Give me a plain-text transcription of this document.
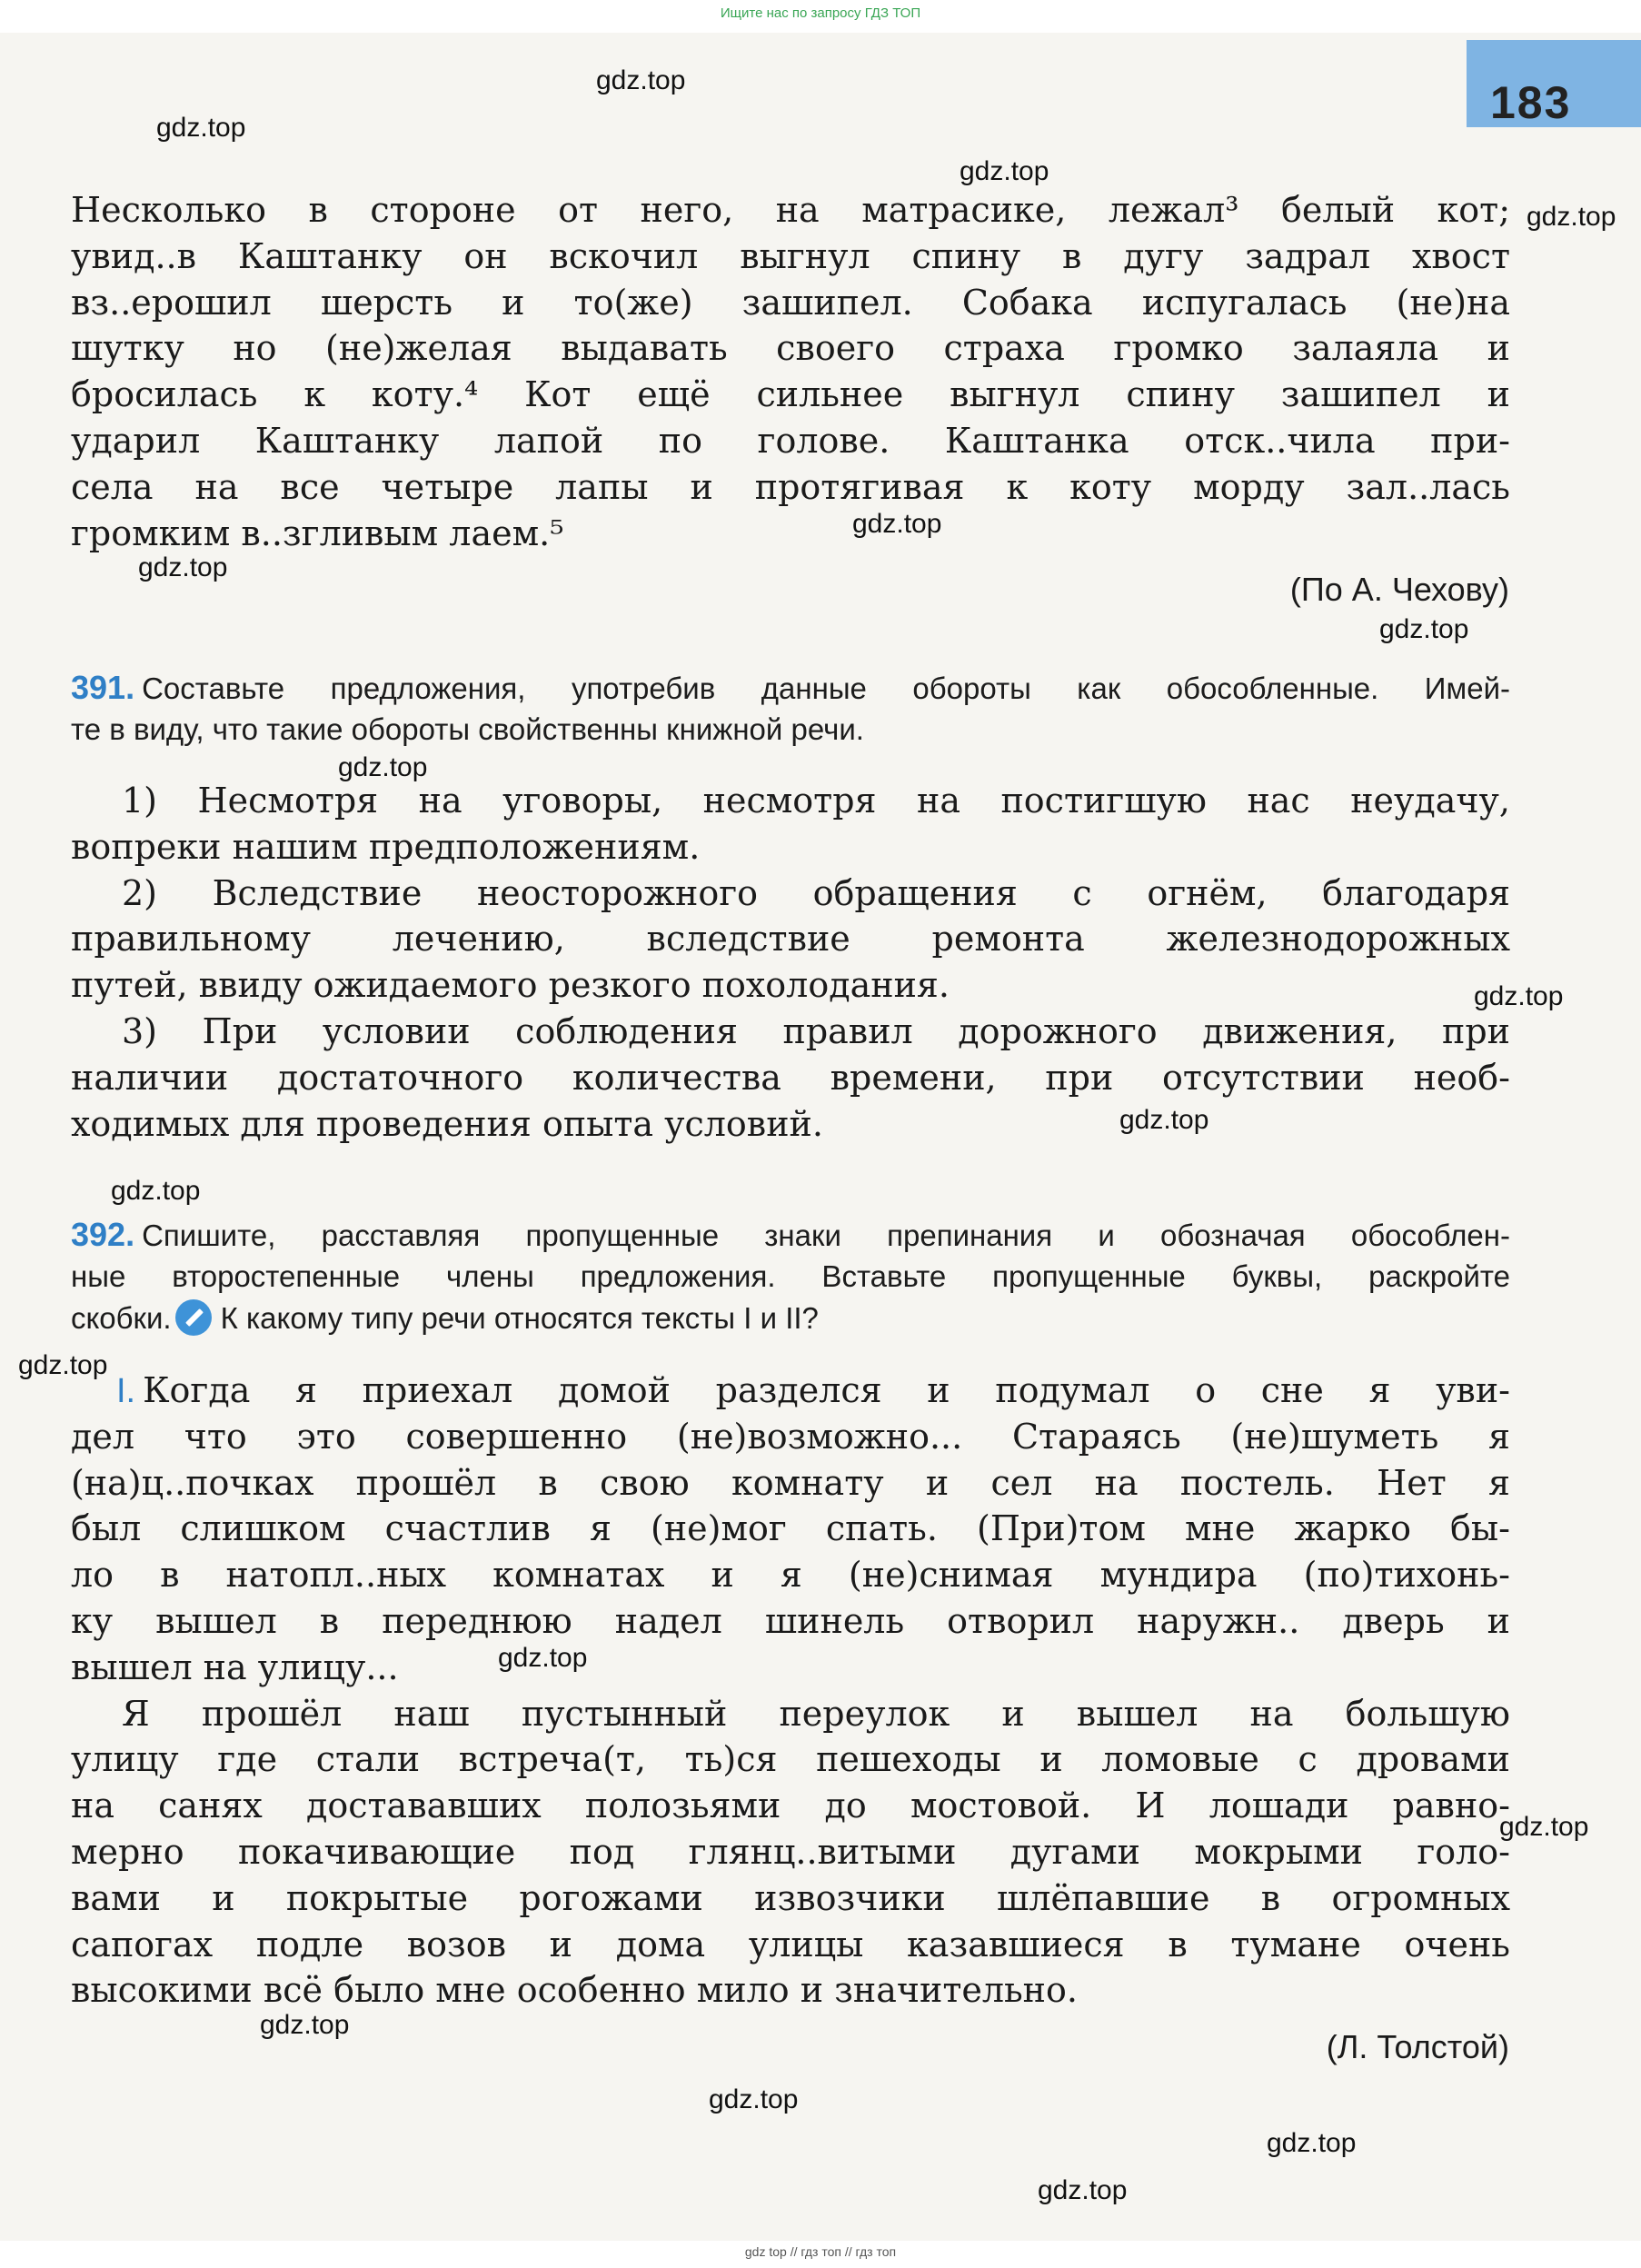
Ищите нас по запросу ГДЗ ТОП
183
Несколько в стороне от него, на матрасике, лежал³ белый кот;
увид..в Каштанку он вскочил выгнул спину в дугу задрал хвост
вз..ерошил шерсть и то(же) зашипел. Собака испугалась (не)на
шутку но (не)желая выдавать своего страха громко залаяла и
бросилась к коту.⁴ Кот ещё сильнее выгнул спину зашипел и
ударил Каштанку лапой по голове. Каштанка отск..чила при-
села на все четыре лапы и протягивая к коту морду зал..лась
громким в..згливым лаем.⁵
(По А. Чехову)
391. Составьте предложения, употребив данные обороты как обособленные. Имей-
те в виду, что такие обороты свойственны книжной речи.
1) Несмотря на уговоры, несмотря на постигшую нас неудачу,
вопреки нашим предположениям.
2) Вследствие неосторожного обращения с огнём, благодаря
правильному лечению, вследствие ремонта железнодорожных
путей, ввиду ожидаемого резкого похолодания.
3) При условии соблюдения правил дорожного движения, при
наличии достаточного количества времени, при отсутствии необ-
ходимых для проведения опыта условий.
392. Спишите, расставляя пропущенные знаки препинания и обозначая обособлен-
ные второстепенные члены предложения. Вставьте пропущенные буквы, раскройте
скобки. К какому типу речи относятся тексты I и II?
I. Когда я приехал домой разделся и подумал о сне я уви-
дел что это совершенно (не)возможно... Стараясь (не)шуметь я
(на)ц..почках прошёл в свою комнату и сел на постель. Нет я
был слишком счастлив я (не)мог спать. (При)том мне жарко бы-
ло в натопл..ных комнатах и я (не)снимая мундира (по)тихонь-
ку вышел в переднюю надел шинель отворил наружн.. дверь и
вышел на улицу...
Я прошёл наш пустынный переулок и вышел на большую
улицу где стали встреча(т, ть)ся пешеходы и ломовые с дровами
на санях достававших полозьями до мостовой. И лошади равно-
мерно покачивающие под глянц..витыми дугами мокрыми голо-
вами и покрытые рогожами извозчики шлёпавшие в огромных
сапогах подле возов и дома улицы казавшиеся в тумане очень
высокими всё было мне особенно мило и значительно.
(Л. Толстой)
gdz.top
gdz.top
gdz.top
gdz.top
gdz.top
gdz.top
gdz.top
gdz.top
gdz.top
gdz.top
gdz.top
gdz.top
gdz.top
gdz.top
gdz.top
gdz.top
gdz.top
gdz.top
gdz top // гдз топ // гдз топ
